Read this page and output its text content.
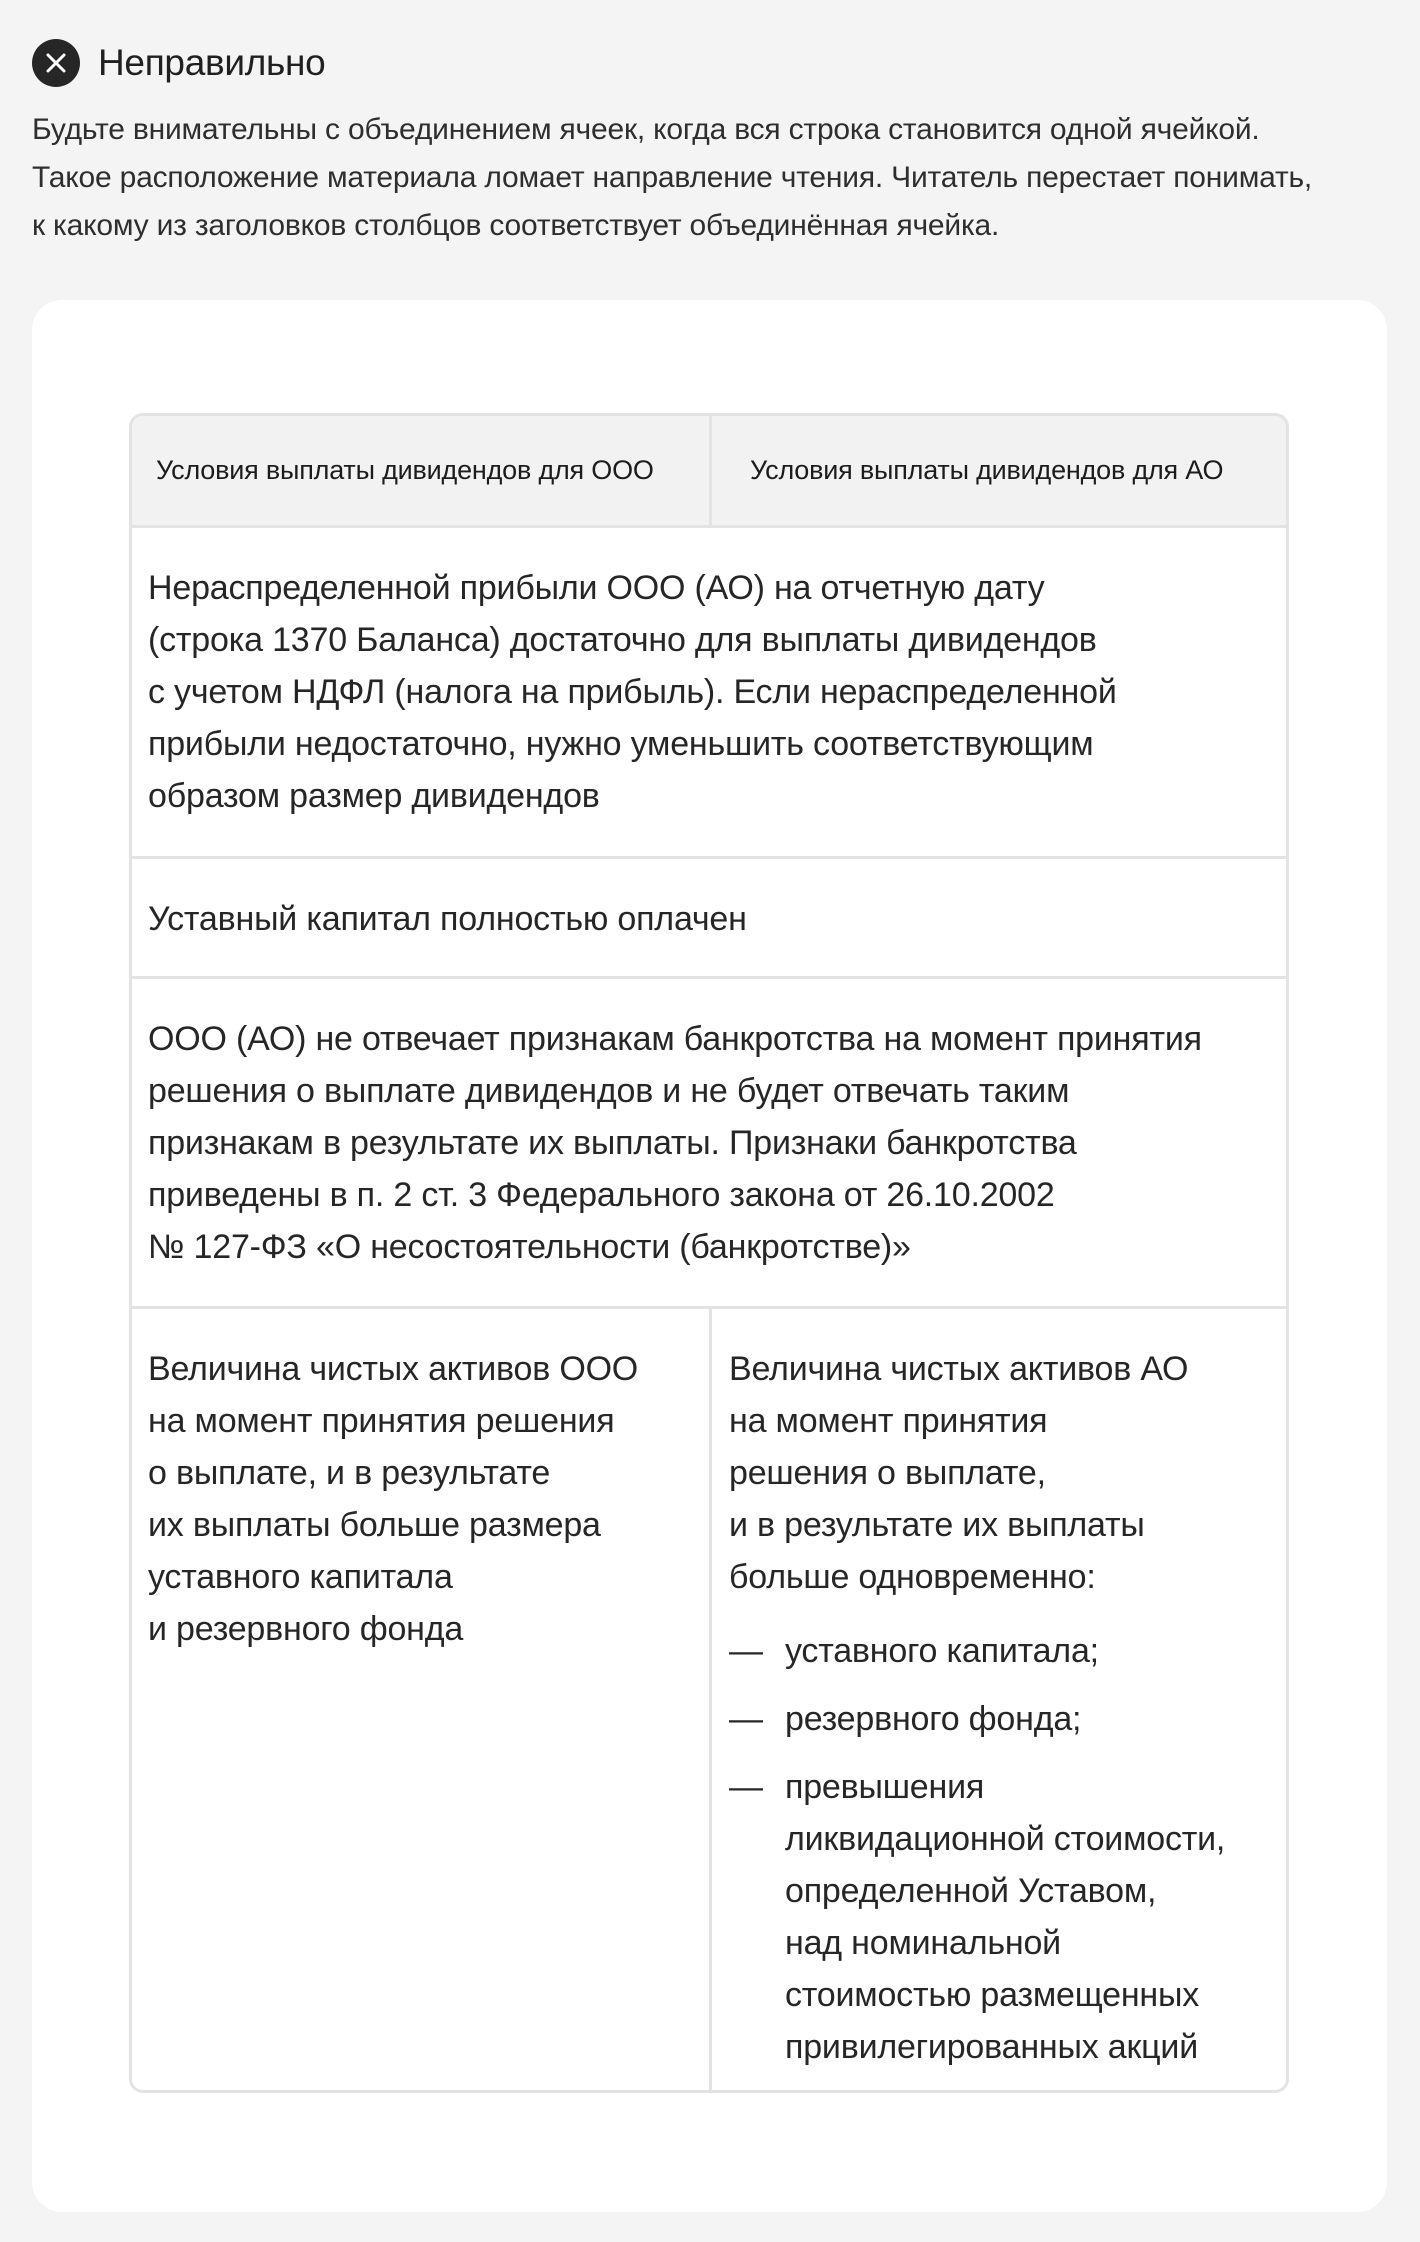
Неправильно

Будьте внимательны с объединением ячеек, когда вся строка становится одной ячейкой.

Такое расположение материала ломает направление чтения. Читатель перестает понимать,

к какому из заголовков столбцов соответствует объединённая ячейка.

Условия выплаты дивидендов для ООО	Условия выплаты дивидендов для АО
Нераспределенной прибыли ООО (АО) на отчетную дату
(строка 1370 Баланса) достаточно для выплаты дивидендов
с учетом НДФЛ (налога на прибыль). Если нераспределенной
прибыли недостаточно, нужно уменьшить соответствующим
образом размер дивидендов
Уставный капитал полностью оплачен
ООО (АО) не отвечает признакам банкротства на момент принятия
решения о выплате дивидендов и не будет отвечать таким
признакам в результате их выплаты. Признаки банкротства
приведены в п. 2 ст. 3 Федерального закона от 26.10.2002
№ 127-ФЗ «О несостоятельности (банкротстве)»
Величина чистых активов ООО
на момент принятия решения
о выплате, и в результате
их выплаты больше размера
уставного капитала
и резервного фонда
Величина чистых активов АО
на момент принятия
решения о выплате,
и в результате их выплаты
больше одновременно:
— уставного капитала;
— резервного фонда;
— превышения
ликвидационной стоимости,
определенной Уставом,
над номинальной
стоимостью размещенных
привилегированных акций
